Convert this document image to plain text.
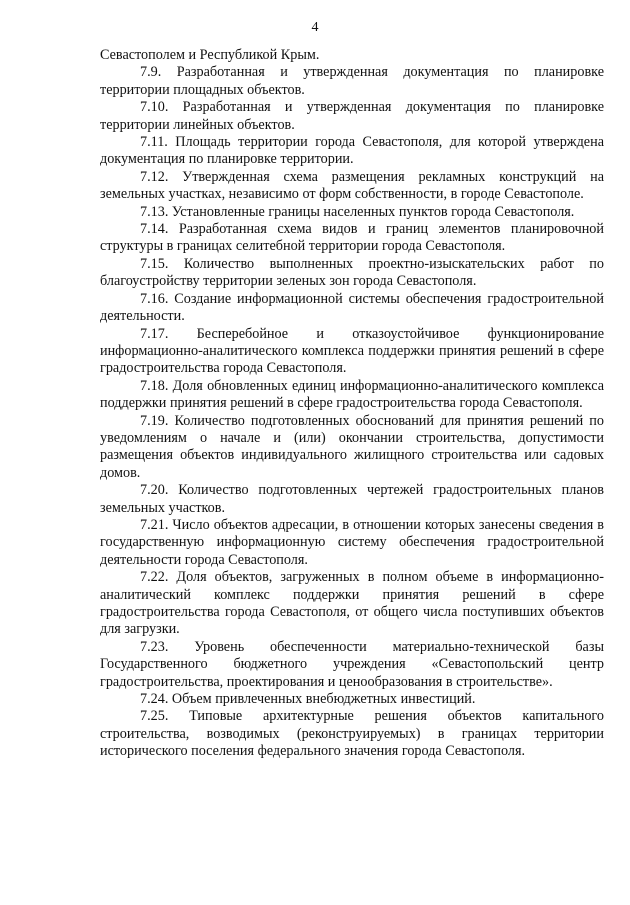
4

Севастополем и Республикой Крым.

7.9. Разработанная и утвержденная документация по планировке территории площадных объектов.

7.10. Разработанная и утвержденная документация по планировке территории линейных объектов.

7.11. Площадь территории города Севастополя, для которой утверждена документация по планировке территории.

7.12. Утвержденная схема размещения рекламных конструкций на земельных участках, независимо от форм собственности, в городе Севастополе.

7.13. Установленные границы населенных пунктов города Севастополя.

7.14. Разработанная схема видов и границ элементов планировочной структуры в границах селитебной территории города Севастополя.

7.15. Количество выполненных проектно-изыскательских работ по благоустройству территории зеленых зон города Севастополя.

7.16. Создание информационной системы обеспечения градостроительной деятельности.

7.17. Бесперебойное и отказоустойчивое функционирование информационно-аналитического комплекса поддержки принятия решений в сфере градостроительства города Севастополя.

7.18. Доля обновленных единиц информационно-аналитического комплекса поддержки принятия решений в сфере градостроительства города Севастополя.

7.19. Количество подготовленных обоснований для принятия решений по уведомлениям о начале и (или) окончании строительства, допустимости размещения объектов индивидуального жилищного строительства или садовых домов.

7.20. Количество подготовленных чертежей градостроительных планов земельных участков.

7.21. Число объектов адресации, в отношении которых занесены сведения в государственную информационную систему обеспечения градостроительной деятельности города Севастополя.

7.22. Доля объектов, загруженных в полном объеме в информационно-аналитический комплекс поддержки принятия решений в сфере градостроительства города Севастополя, от общего числа поступивших объектов для загрузки.

7.23. Уровень обеспеченности материально-технической базы Государственного бюджетного учреждения «Севастопольский центр градостроительства, проектирования и ценообразования в строительстве».

7.24. Объем привлеченных внебюджетных инвестиций.

7.25. Типовые архитектурные решения объектов капитального строительства, возводимых (реконструируемых) в границах территории исторического поселения федерального значения города Севастополя.
